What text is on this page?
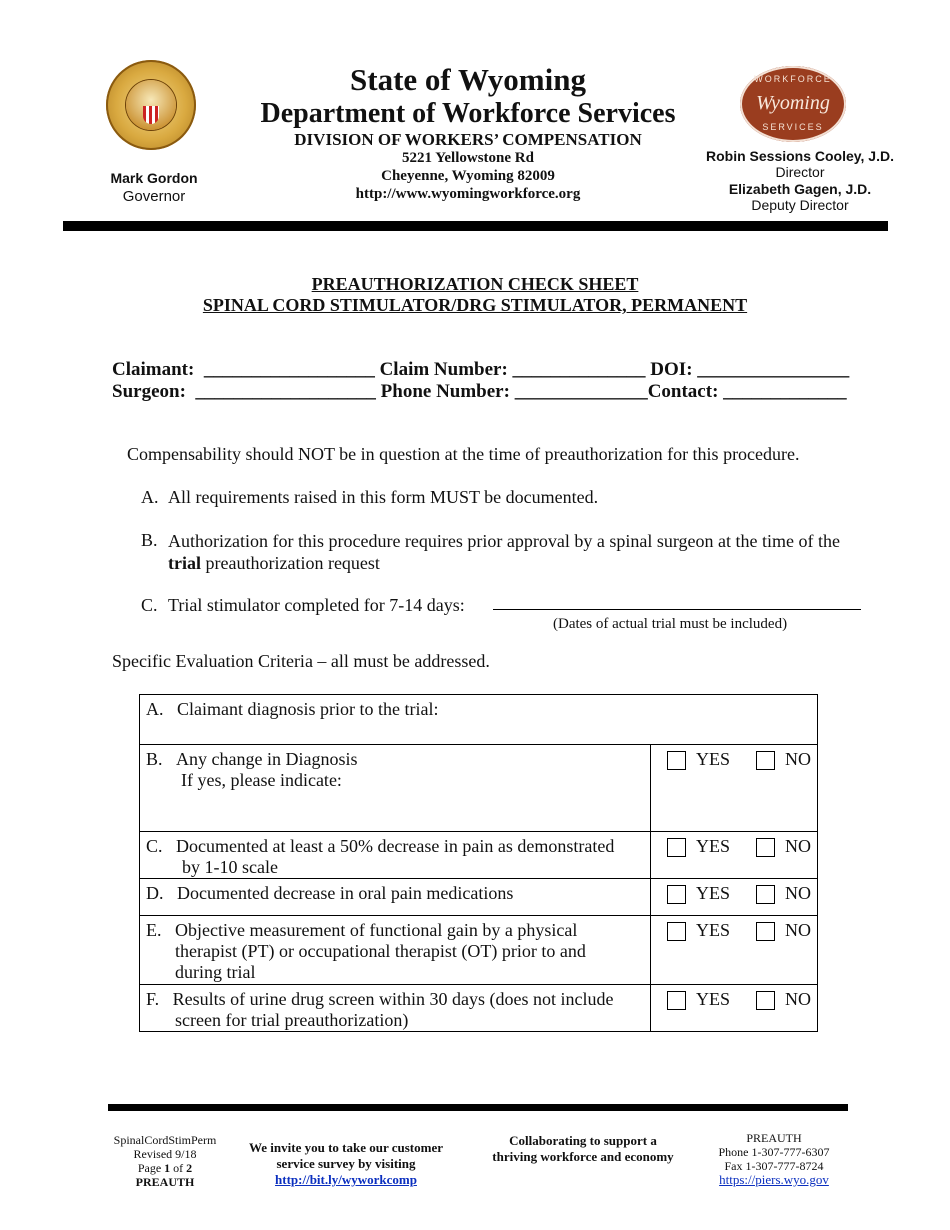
Mark Gordon
Governor
State of Wyoming
Department of Workforce Services
DIVISION OF WORKERS’ COMPENSATION
5221 Yellowstone Rd
Cheyenne, Wyoming 82009
http://www.wyomingworkforce.org
WORKFORCE
Wyoming
SERVICES
Robin Sessions Cooley, J.D.
Director
Elizabeth Gagen, J.D.
Deputy Director
PREAUTHORIZATION CHECK SHEET
SPINAL CORD STIMULATOR/DRG STIMULATOR, PERMANENT
Claimant:  __________________ Claim Number: ______________ DOI: ________________
Surgeon:  ___________________ Phone Number: ______________Contact: _____________
Compensability should NOT be in question at the time of preauthorization for this procedure.
A. All requirements raised in this form MUST be documented.
B. Authorization for this procedure requires prior approval by a spinal surgeon at the time of the trial preauthorization request
C. Trial stimulator completed for 7-14 days:
(Dates of actual trial must be included)
Specific Evaluation Criteria – all must be addressed.
A. Claimant diagnosis prior to the trial:	

B. Any change in Diagnosis
If yes, please indicate:	YES NO

C. Documented at least a 50% decrease in pain as demonstrated
by 1-10 scale	YES NO

D. Documented decrease in oral pain medications	YES NO

E. Objective measurement of functional gain by a physical
therapist (PT) or occupational therapist (OT) prior to and
during trial	YES NO

F. Results of urine drug screen within 30 days (does not include
screen for trial preauthorization)	YES NO
SpinalCordStimPerm
Revised 9/18
Page 1 of 2
PREAUTH
We invite you to take our customer
service survey by visiting
http://bit.ly/wyworkcomp
Collaborating to support a
thriving workforce and economy
PREAUTH
Phone 1-307-777-6307
Fax 1-307-777-8724
https://piers.wyo.gov
